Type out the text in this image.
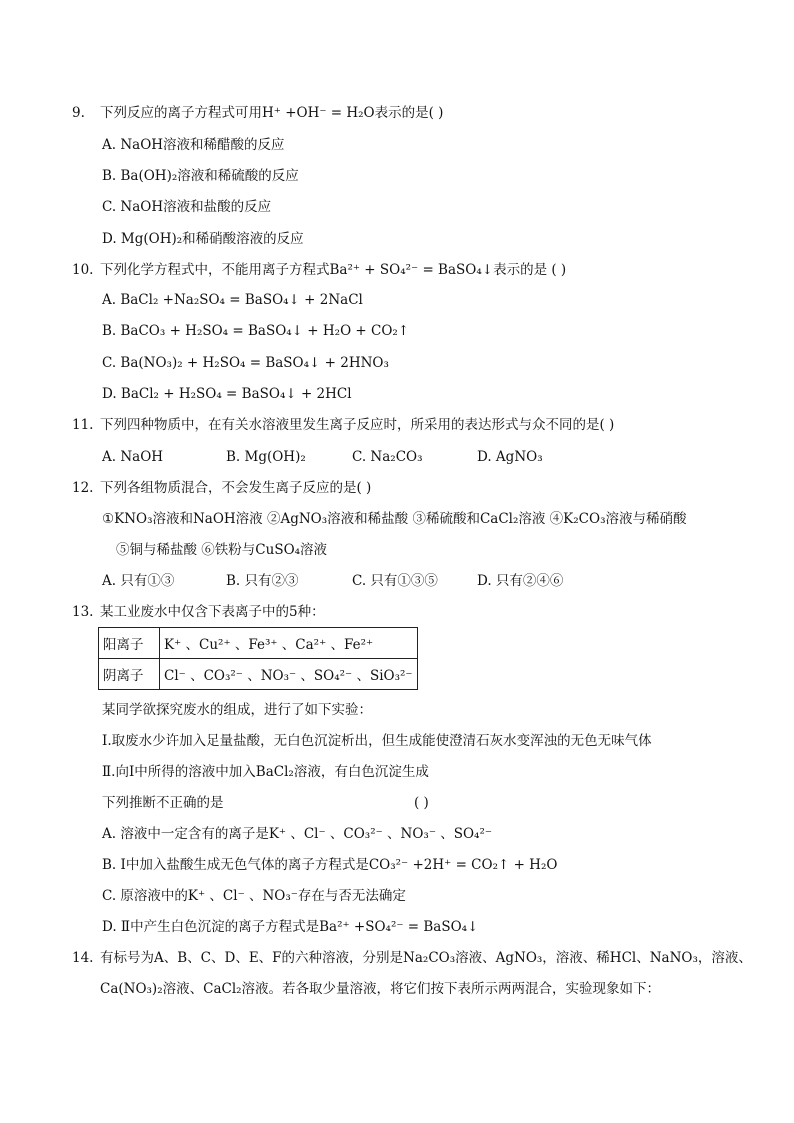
9. 下列反应的离子方程式可用H⁺ +OH⁻ = H₂O表示的是( )
A. NaOH溶液和稀醋酸的反应
B. Ba(OH)₂溶液和稀硫酸的反应
C. NaOH溶液和盐酸的反应
D. Mg(OH)₂和稀硝酸溶液的反应
10. 下列化学方程式中，不能用离子方程式Ba²⁺ + SO₄²⁻ = BaSO₄↓表示的是 ( )
A. BaCl₂ +Na₂SO₄ = BaSO₄↓ + 2NaCl
B. BaCO₃ + H₂SO₄ = BaSO₄↓ + H₂O + CO₂↑
C. Ba(NO₃)₂ + H₂SO₄ = BaSO₄↓ + 2HNO₃
D. BaCl₂ + H₂SO₄ = BaSO₄↓ + 2HCl
11. 下列四种物质中，在有关水溶液里发生离子反应时，所采用的表达形式与众不同的是( )
A. NaOH	B. Mg(OH)₂	C. Na₂CO₃	D. AgNO₃
12. 下列各组物质混合，不会发生离子反应的是( )
①KNO₃溶液和NaOH溶液 ②AgNO₃溶液和稀盐酸 ③稀硫酸和CaCl₂溶液 ④K₂CO₃溶液与稀硝酸
⑤铜与稀盐酸 ⑥铁粉与CuSO₄溶液
A. 只有①③	B. 只有②③	C. 只有①③⑤	D. 只有②④⑥
13. 某工业废水中仅含下表离子中的5种：
阳离子	K⁺ 、Cu²⁺ 、Fe³⁺ 、Ca²⁺ 、Fe²⁺
阴离子	Cl⁻ 、CO₃²⁻ 、NO₃⁻ 、SO₄²⁻ 、SiO₃²⁻
某同学欲探究废水的组成，进行了如下实验：
Ⅰ.取废水少许加入足量盐酸，无白色沉淀析出，但生成能使澄清石灰水变浑浊的无色无味气体
Ⅱ.向Ⅰ中所得的溶液中加入BaCl₂溶液，有白色沉淀生成
下列推断不正确的是	( )
A. 溶液中一定含有的离子是K⁺ 、Cl⁻ 、CO₃²⁻ 、NO₃⁻ 、SO₄²⁻
B. Ⅰ中加入盐酸生成无色气体的离子方程式是CO₃²⁻ +2H⁺ = CO₂↑ + H₂O
C. 原溶液中的K⁺ 、Cl⁻ 、NO₃⁻存在与否无法确定
D. Ⅱ中产生白色沉淀的离子方程式是Ba²⁺ +SO₄²⁻ = BaSO₄↓
14. 有标号为A、B、C、D、E、F的六种溶液，分别是Na₂CO₃溶液、AgNO₃，溶液、稀HCl、NaNO₃，溶液、
Ca(NO₃)₂溶液、CaCl₂溶液。若各取少量溶液，将它们按下表所示两两混合，实验现象如下：
